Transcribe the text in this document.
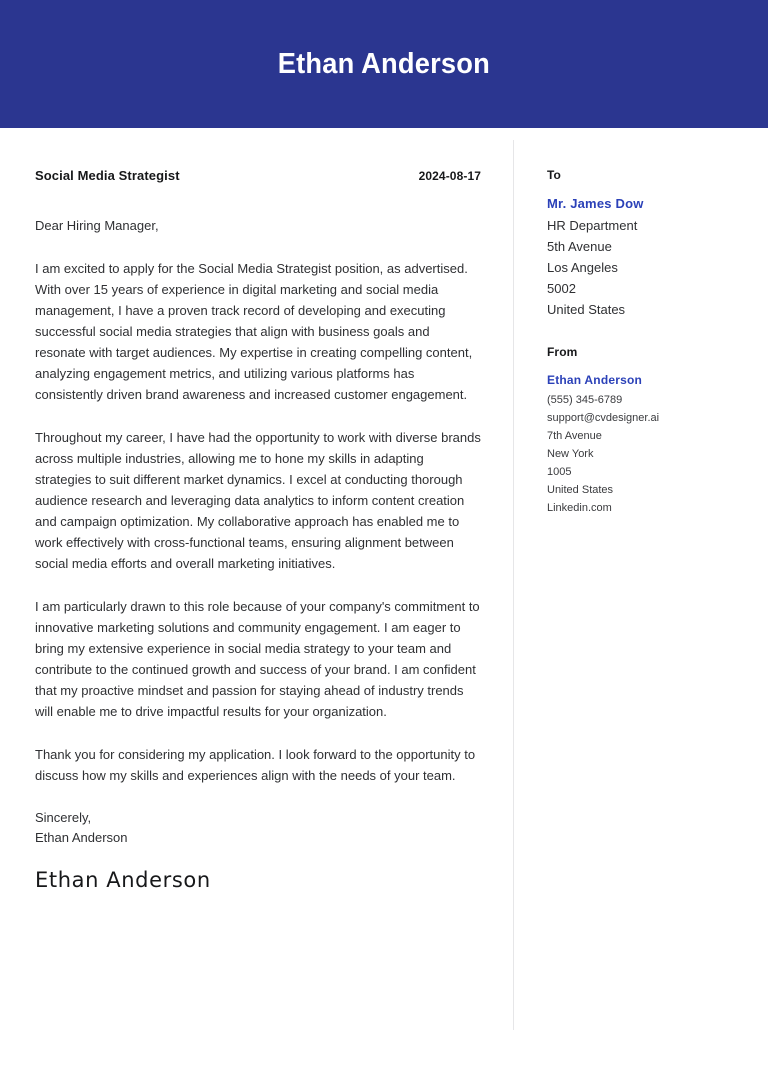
Ethan Anderson
Social Media Strategist	2024-08-17

Dear Hiring Manager,

I am excited to apply for the Social Media Strategist position, as advertised. With over 15 years of experience in digital marketing and social media management, I have a proven track record of developing and executing successful social media strategies that align with business goals and resonate with target audiences. My expertise in creating compelling content, analyzing engagement metrics, and utilizing various platforms has consistently driven brand awareness and increased customer engagement.

Throughout my career, I have had the opportunity to work with diverse brands across multiple industries, allowing me to hone my skills in adapting strategies to suit different market dynamics. I excel at conducting thorough audience research and leveraging data analytics to inform content creation and campaign optimization. My collaborative approach has enabled me to work effectively with cross-functional teams, ensuring alignment between social media efforts and overall marketing initiatives.

I am particularly drawn to this role because of your company's commitment to innovative marketing solutions and community engagement. I am eager to bring my extensive experience in social media strategy to your team and contribute to the continued growth and success of your brand. I am confident that my proactive mindset and passion for staying ahead of industry trends will enable me to drive impactful results for your organization.

Thank you for considering my application. I look forward to the opportunity to discuss how my skills and experiences align with the needs of your team.

Sincerely,
Ethan Anderson
Ethan Anderson
To
Mr. James Dow
HR Department
5th Avenue
Los Angeles
5002
United States
From
Ethan Anderson
(555) 345-6789
support@cvdesigner.ai
7th Avenue
New York
1005
United States
Linkedin.com
